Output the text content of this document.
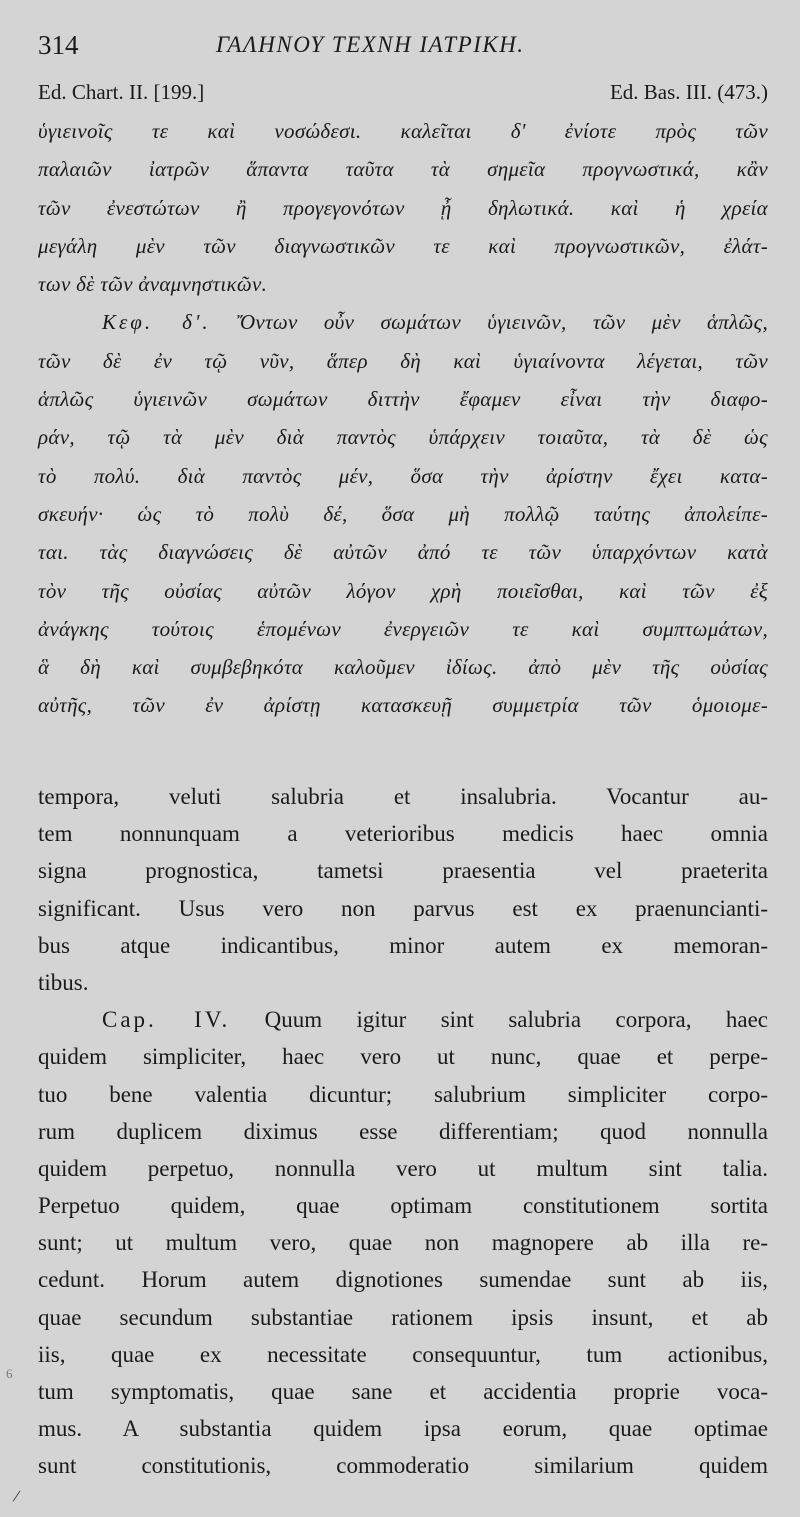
314	ΓΑΛΗΝΟΥ ΤΕΧΝΗ ΙΑΤΡΙΚΗ.
Ed. Chart. II. [199.]	Ed. Bas. III. (473.)
ὑγιεινοῖς τε καὶ νοσώδεσι. καλεῖται δ' ἐνίοτε πρὸς τῶν
παλαιῶν ἰατρῶν ἅπαντα ταῦτα τὰ σημεῖα προγνωστικά, κἂν
τῶν ἐνεστώτων ἢ προγεγονότων ᾖ δηλωτικά. καὶ ἡ χρεία
μεγάλη μὲν τῶν διαγνωστικῶν τε καὶ προγνωστικῶν, ἐλάτ-
των δὲ τῶν ἀναμνηστικῶν.
Κεφ. δ'. Ὄντων οὖν σωμάτων ὑγιεινῶν, τῶν μὲν ἁπλῶς,
τῶν δὲ ἐν τῷ νῦν, ἅπερ δὴ καὶ ὑγιαίνοντα λέγεται, τῶν
ἁπλῶς ὑγιεινῶν σωμάτων διττὴν ἔφαμεν εἶναι τὴν διαφο-
ράν, τῷ τὰ μὲν διὰ παντὸς ὑπάρχειν τοιαῦτα, τὰ δὲ ὡς
τὸ πολύ. διὰ παντὸς μέν, ὅσα τὴν ἀρίστην ἔχει κατα-
σκευήν· ὡς τὸ πολὺ δέ, ὅσα μὴ πολλῷ ταύτης ἀπολείπε-
ται. τὰς διαγνώσεις δὲ αὐτῶν ἀπό τε τῶν ὑπαρχόντων κατὰ
τὸν τῆς οὐσίας αὐτῶν λόγον χρὴ ποιεῖσθαι, καὶ τῶν ἐξ
ἀνάγκης τούτοις ἑπομένων ἐνεργειῶν τε καὶ συμπτωμάτων,
ἃ δὴ καὶ συμβεβηκότα καλοῦμεν ἰδίως. ἀπὸ μὲν τῆς οὐσίας
αὐτῆς, τῶν ἐν ἀρίστῃ κατασκευῇ συμμετρία τῶν ὁμοιομε-
tempora, veluti salubria et insalubria. Vocantur au-
tem nonnunquam a veterioribus medicis haec omnia
signa prognostica, tametsi praesentia vel praeterita
significant. Usus vero non parvus est ex praenuncianti-
bus atque indicantibus, minor autem ex memoran-
tibus.
Cap. IV. Quum igitur sint salubria corpora, haec
quidem simpliciter, haec vero ut nunc, quae et perpe-
tuo bene valentia dicuntur; salubrium simpliciter corpo-
rum duplicem diximus esse differentiam; quod nonnulla
quidem perpetuo, nonnulla vero ut multum sint talia.
Perpetuo quidem, quae optimam constitutionem sortita
sunt; ut multum vero, quae non magnopere ab illa re-
cedunt. Horum autem dignotiones sumendae sunt ab iis,
quae secundum substantiae rationem ipsis insunt, et ab
iis, quae ex necessitate consequuntur, tum actionibus,
tum symptomatis, quae sane et accidentia proprie voca-
mus. A substantia quidem ipsa eorum, quae optimae
sunt constitutionis, commoderatio similarium quidem
6
/
